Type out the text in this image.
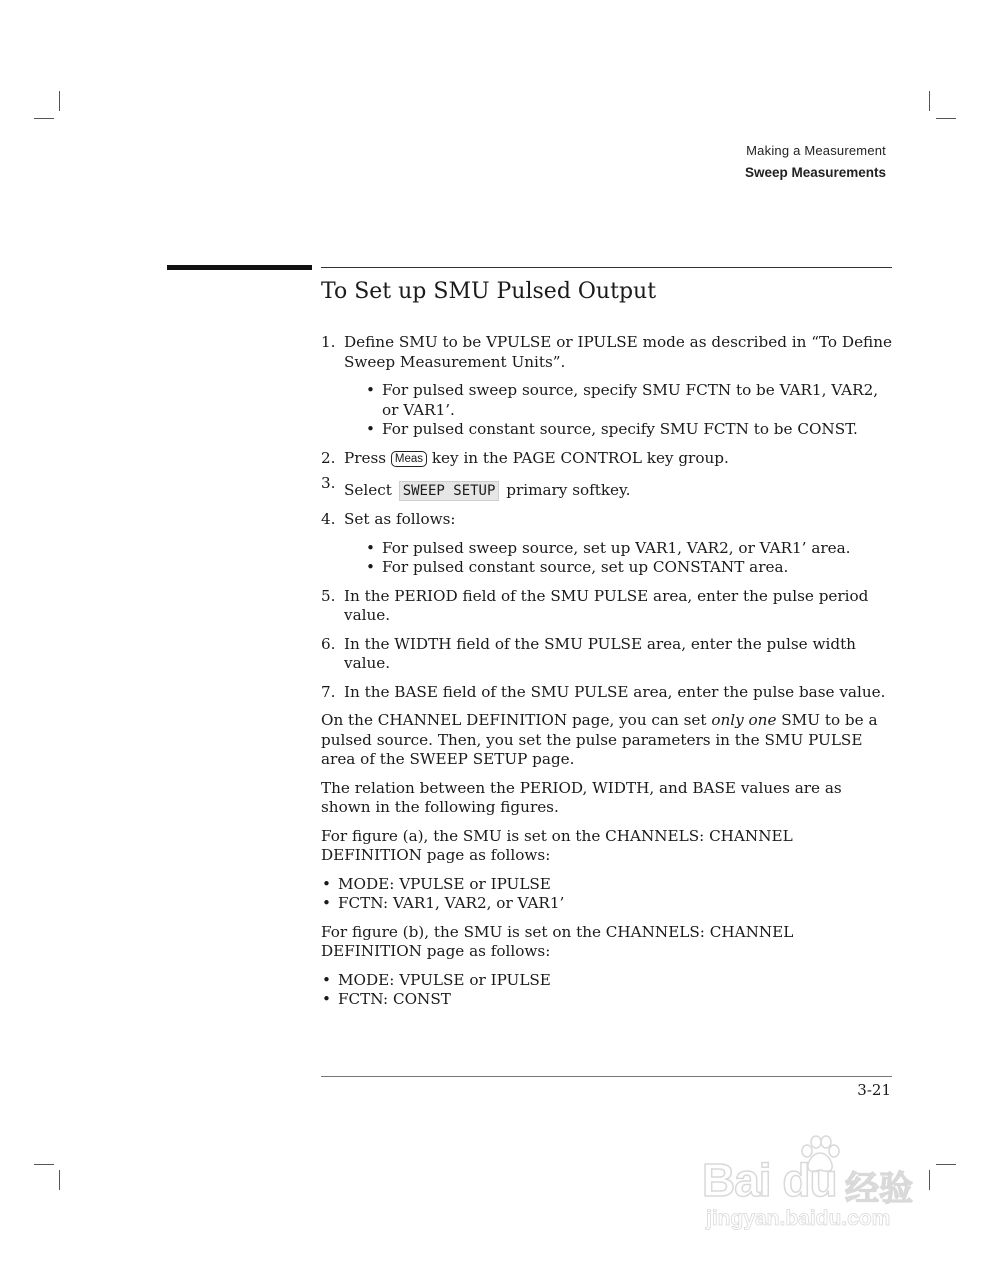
Making a Measurement
Sweep Measurements
To Set up SMU Pulsed Output
1. Define SMU to be VPULSE or IPULSE mode as described in “To Define Sweep Measurement Units”.
• For pulsed sweep source, specify SMU FCTN to be VAR1, VAR2, or VAR1’.
• For pulsed constant source, specify SMU FCTN to be CONST.
2. Press Meas key in the PAGE CONTROL key group.
3. Select SWEEP SETUP primary softkey.
4. Set as follows:
• For pulsed sweep source, set up VAR1, VAR2, or VAR1’ area.
• For pulsed constant source, set up CONSTANT area.
5. In the PERIOD field of the SMU PULSE area, enter the pulse period value.
6. In the WIDTH field of the SMU PULSE area, enter the pulse width value.
7. In the BASE field of the SMU PULSE area, enter the pulse base value.

On the CHANNEL DEFINITION page, you can set only one SMU to be a pulsed source. Then, you set the pulse parameters in the SMU PULSE area of the SWEEP SETUP page.

The relation between the PERIOD, WIDTH, and BASE values are as shown in the following figures.

For figure (a), the SMU is set on the CHANNELS: CHANNEL DEFINITION page as follows:

• MODE: VPULSE or IPULSE
• FCTN: VAR1, VAR2, or VAR1’

For figure (b), the SMU is set on the CHANNELS: CHANNEL DEFINITION page as follows:

• MODE: VPULSE or IPULSE
• FCTN: CONST
3-21
Bai du 经验
jingyan.baidu.com
